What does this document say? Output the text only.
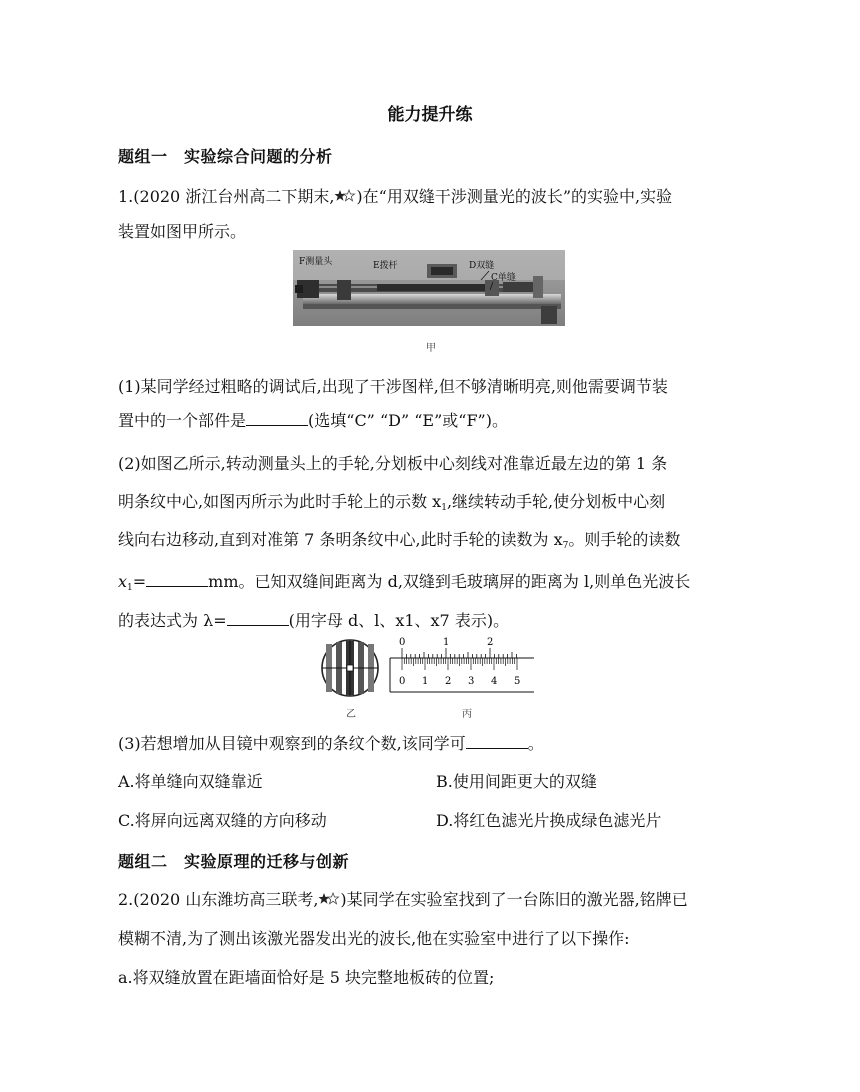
能力提升练
题组一　实验综合问题的分析
1.(2020 浙江台州高二下期末, )在“用双缝干涉测量光的波长”的实验中,实验
装置如图甲所示。
F测量头	E拨杆	D双缝
C单缝
甲
(1)某同学经过粗略的调试后,出现了干涉图样,但不够清晰明亮,则他需要调节装
置中的一个部件是	(选填“C” “D” “E”或“F”)。
(2)如图乙所示,转动测量头上的手轮,分划板中心刻线对准靠近最左边的第 1 条
明条纹中心,如图丙所示为此时手轮上的示数 $x_1$,继续转动手轮,使分划板中心刻
线向右边移动,直到对准第 7 条明条纹中心,此时手轮的读数为 $x_7$。则手轮的读数
$x_1=$	mm。已知双缝间距离为 d,双缝到毛玻璃屏的距离为 l,则单色光波长
的表达式为 λ=	(用字母 d、l、x1、x7 表示)。
乙
0	1	2
0 1 2 3 4 5
丙
(3)若想增加从目镜中观察到的条纹个数,该同学可	。
A.将单缝向双缝靠近	B.使用间距更大的双缝
C.将屏向远离双缝的方向移动	D.将红色滤光片换成绿色滤光片
题组二　实验原理的迁移与创新
2.(2020 山东潍坊高三联考, )某同学在实验室找到了一台陈旧的激光器,铭牌已
模糊不清,为了测出该激光器发出光的波长,他在实验室中进行了以下操作:
a.将双缝放置在距墙面恰好是 5 块完整地板砖的位置;
